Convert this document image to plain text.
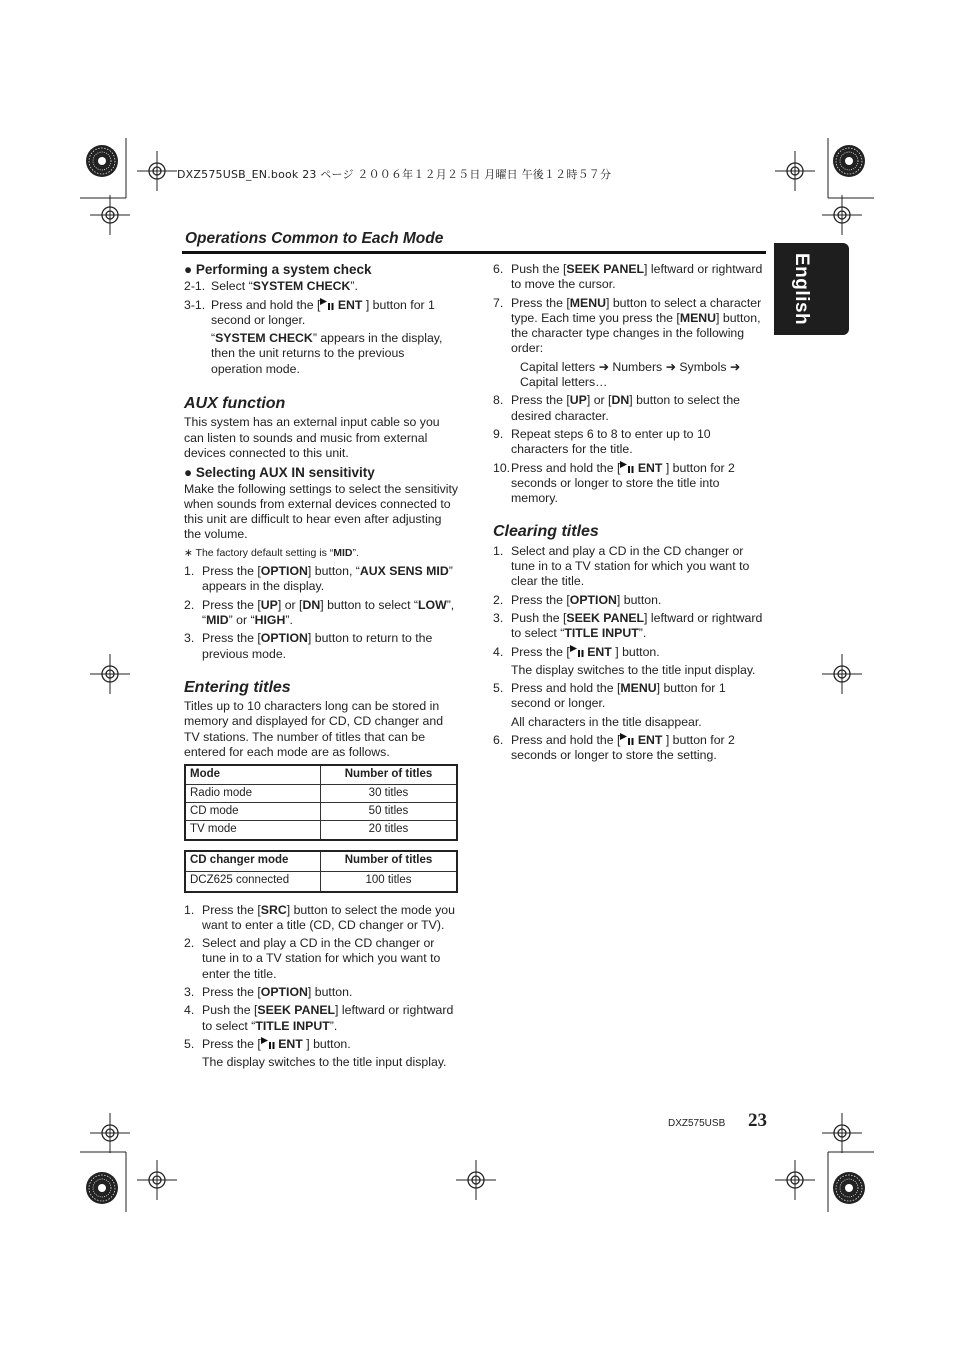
DXZ575USB_EN.book 23 ページ ２００６年１２月２５日 月曜日 午後１２時５７分
Operations Common to Each Mode
English
● Performing a system check

2-1. Select “SYSTEM CHECK”.

3-1. Press and hold the [ ENT ] button for 1 second or longer.

“SYSTEM CHECK” appears in the display, then the unit returns to the previous operation mode.

AUX function

This system has an external input cable so you can listen to sounds and music from external devices connected to this unit.

● Selecting AUX IN sensitivity

Make the following settings to select the sensitivity when sounds from external devices connected to this unit are difficult to hear even after adjusting the volume.

∗ The factory default setting is “MID”.

1. Press the [OPTION] button, “AUX SENS MID” appears in the display.

2. Press the [UP] or [DN] button to select “LOW”, “MID” or “HIGH”.

3. Press the [OPTION] button to return to the previous mode.

Entering titles

Titles up to 10 characters long can be stored in memory and displayed for CD, CD changer and TV stations. The number of titles that can be entered for each mode are as follows.

Mode	Number of titles
Radio mode	30 titles
CD mode	50 titles
TV mode	20 titles
CD changer mode	Number of titles
DCZ625 connected	100 titles

1. Press the [SRC] button to select the mode you want to enter a title (CD, CD changer or TV).

2. Select and play a CD in the CD changer or tune in to a TV station for which you want to enter the title.

3. Press the [OPTION] button.

4. Push the [SEEK PANEL] leftward or rightward to select “TITLE INPUT”.

5. Press the [ ENT ] button.

The display switches to the title input display.

6. Push the [SEEK PANEL] leftward or rightward to move the cursor.

7. Press the [MENU] button to select a character type. Each time you press the [MENU] button, the character type changes in the following order:

Capital letters ➜ Numbers ➜ Symbols ➜ Capital letters…

8. Press the [UP] or [DN] button to select the desired character.

9. Repeat steps 6 to 8 to enter up to 10 characters for the title.

10. Press and hold the [ ENT ] button for 2 seconds or longer to store the title into memory.

Clearing titles

1. Select and play a CD in the CD changer or tune in to a TV station for which you want to clear the title.

2. Press the [OPTION] button.

3. Push the [SEEK PANEL] leftward or rightward to select “TITLE INPUT”.

4. Press the [ ENT ] button.

The display switches to the title input display.

5. Press and hold the [MENU] button for 1 second or longer.

All characters in the title disappear.

6. Press and hold the [ ENT ] button for 2 seconds or longer to store the setting.

DXZ575USB 23
